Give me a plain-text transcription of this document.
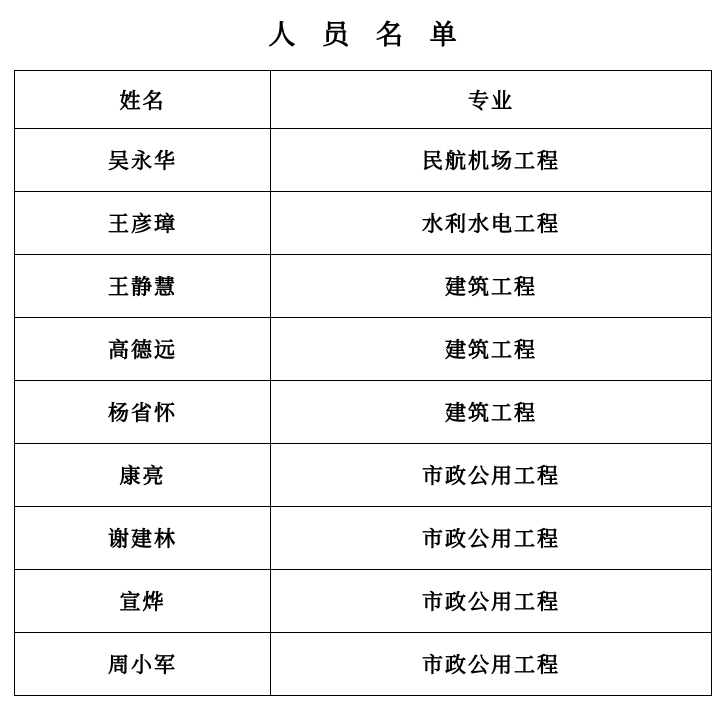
人 员 名 单
姓名	专业
吴永华	民航机场工程
王彦璋	水利水电工程
王静慧	建筑工程
高德远	建筑工程
杨省怀	建筑工程
康亮	市政公用工程
谢建林	市政公用工程
宣烨	市政公用工程
周小军	市政公用工程
